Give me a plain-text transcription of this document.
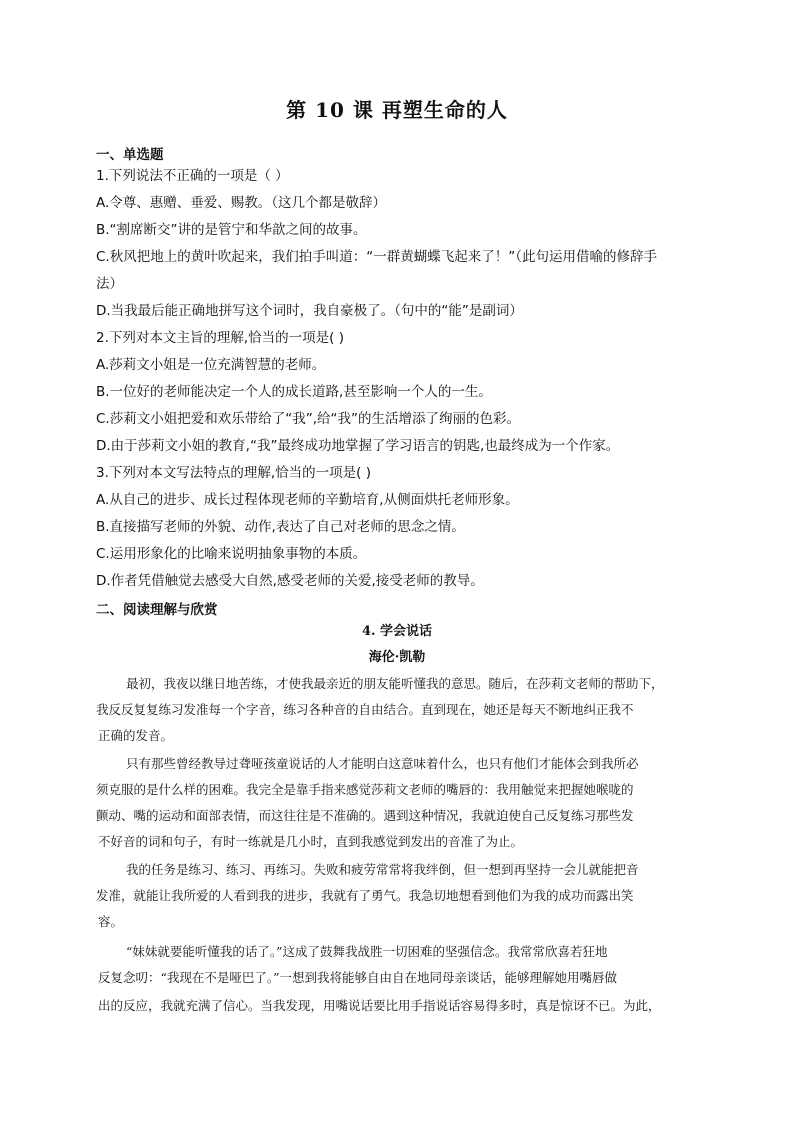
第 10 课 再塑生命的人
一、单选题
1.下列说法不正确的一项是（ ）
A.令尊、惠赠、垂爱、赐教。（这几个都是敬辞）
B.“割席断交”讲的是管宁和华歆之间的故事。
C.秋风把地上的黄叶吹起来，我们拍手叫道：“一群黄蝴蝶飞起来了！”（此句运用借喻的修辞手
法）
D.当我最后能正确地拼写这个词时，我自豪极了。（句中的“能”是副词）
2.下列对本文主旨的理解,恰当的一项是( )
A.莎莉文小姐是一位充满智慧的老师。
B.一位好的老师能决定一个人的成长道路,甚至影响一个人的一生。
C.莎莉文小姐把爱和欢乐带给了“我”,给“我”的生活增添了绚丽的色彩。
D.由于莎莉文小姐的教育,“我”最终成功地掌握了学习语言的钥匙,也最终成为一个作家。
3.下列对本文写法特点的理解,恰当的一项是( )
A.从自己的进步、成长过程体现老师的辛勤培育,从侧面烘托老师形象。
B.直接描写老师的外貌、动作,表达了自己对老师的思念之情。
C.运用形象化的比喻来说明抽象事物的本质。
D.作者凭借触觉去感受大自然,感受老师的关爱,接受老师的教导。
二、阅读理解与欣赏
4. 学会说话
海伦·凯勒
最初，我夜以继日地苦练，才使我最亲近的朋友能听懂我的意思。随后，在莎莉文老师的帮助下，
我反反复复练习发准每一个字音，练习各种音的自由结合。直到现在，她还是每天不断地纠正我不
正确的发音。
只有那些曾经教导过聋哑孩童说话的人才能明白这意味着什么，也只有他们才能体会到我所必
须克服的是什么样的困难。我完全是靠手指来感觉莎莉文老师的嘴唇的：我用触觉来把握她喉咙的
颤动、嘴的运动和面部表情，而这往往是不准确的。遇到这种情况，我就迫使自己反复练习那些发
不好音的词和句子，有时一练就是几小时，直到我感觉到发出的音准了为止。
我的任务是练习、练习、再练习。失败和疲劳常常将我绊倒，但一想到再坚持一会儿就能把音
发准，就能让我所爱的人看到我的进步，我就有了勇气。我急切地想看到他们为我的成功而露出笑
容。
“妹妹就要能听懂我的话了。”这成了鼓舞我战胜一切困难的坚强信念。我常常欣喜若狂地
反复念叨：“我现在不是哑巴了。”一想到我将能够自由自在地同母亲谈话，能够理解她用嘴唇做
出的反应，我就充满了信心。当我发现，用嘴说话要比用手指说话容易得多时，真是惊讶不已。为此，
